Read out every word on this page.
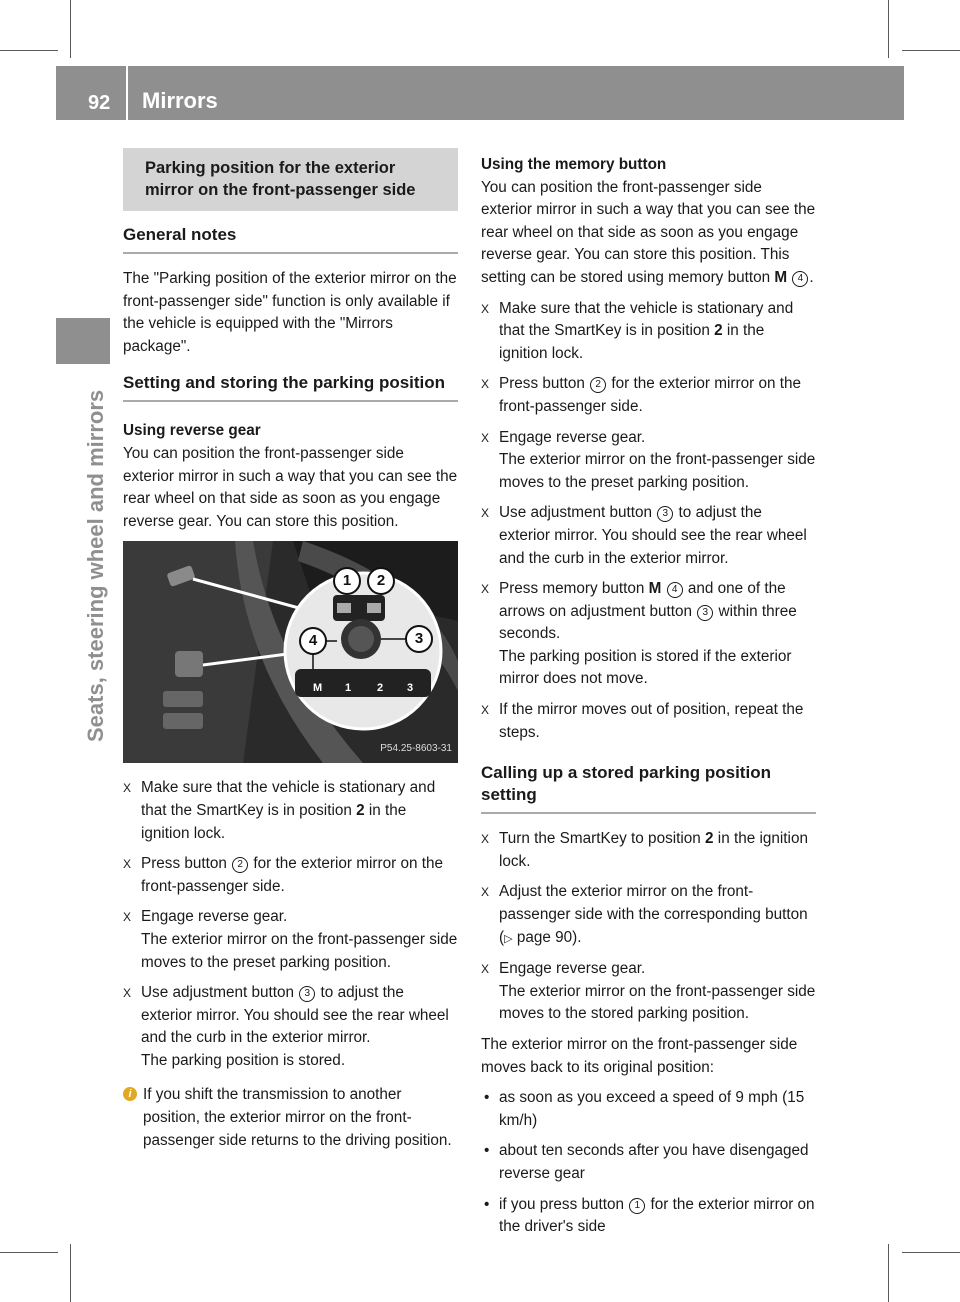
92 Mirrors
Seats, steering wheel and mirrors
Parking position for the exterior mirror on the front-passenger side
General notes

The "Parking position of the exterior mirror on the front-passenger side" function is only available if the vehicle is equipped with the "Mirrors package".

Setting and storing the parking position

Using reverse gear

You can position the front-passenger side exterior mirror in such a way that you can see the rear wheel on that side as soon as you engage reverse gear. You can store this position.

1	2
3
4
M 1 2 3
P54.25-8603-31
X Make sure that the vehicle is stationary and that the SmartKey is in position 2 in the ignition lock.
X Press button 2 for the exterior mirror on the front-passenger side.
X Engage reverse gear.
The exterior mirror on the front-passenger side moves to the preset parking position.
X Use adjustment button 3 to adjust the exterior mirror. You should see the rear wheel and the curb in the exterior mirror.
The parking position is stored.
i If you shift the transmission to another position, the exterior mirror on the front-passenger side returns to the driving position.

Using the memory button

You can position the front-passenger side exterior mirror in such a way that you can see the rear wheel on that side as soon as you engage reverse gear. You can store this position. This setting can be stored using memory button M 4 .

X Make sure that the vehicle is stationary and that the SmartKey is in position 2 in the ignition lock.
X Press button 2 for the exterior mirror on the front-passenger side.
X Engage reverse gear.
The exterior mirror on the front-passenger side moves to the preset parking position.
X Use adjustment button 3 to adjust the exterior mirror. You should see the rear wheel and the curb in the exterior mirror.
X Press memory button M 4 and one of the arrows on adjustment button 3 within three seconds.
The parking position is stored if the exterior mirror does not move.
X If the mirror moves out of position, repeat the steps.
Calling up a stored parking position setting
X Turn the SmartKey to position 2 in the ignition lock.
X Adjust the exterior mirror on the front-passenger side with the corresponding button (▷ page 90).
X Engage reverse gear.
The exterior mirror on the front-passenger side moves to the stored parking position.

The exterior mirror on the front-passenger side moves back to its original position:

• as soon as you exceed a speed of 9 mph (15 km/h)
• about ten seconds after you have disengaged reverse gear
• if you press button 1 for the exterior mirror on the driver's side
